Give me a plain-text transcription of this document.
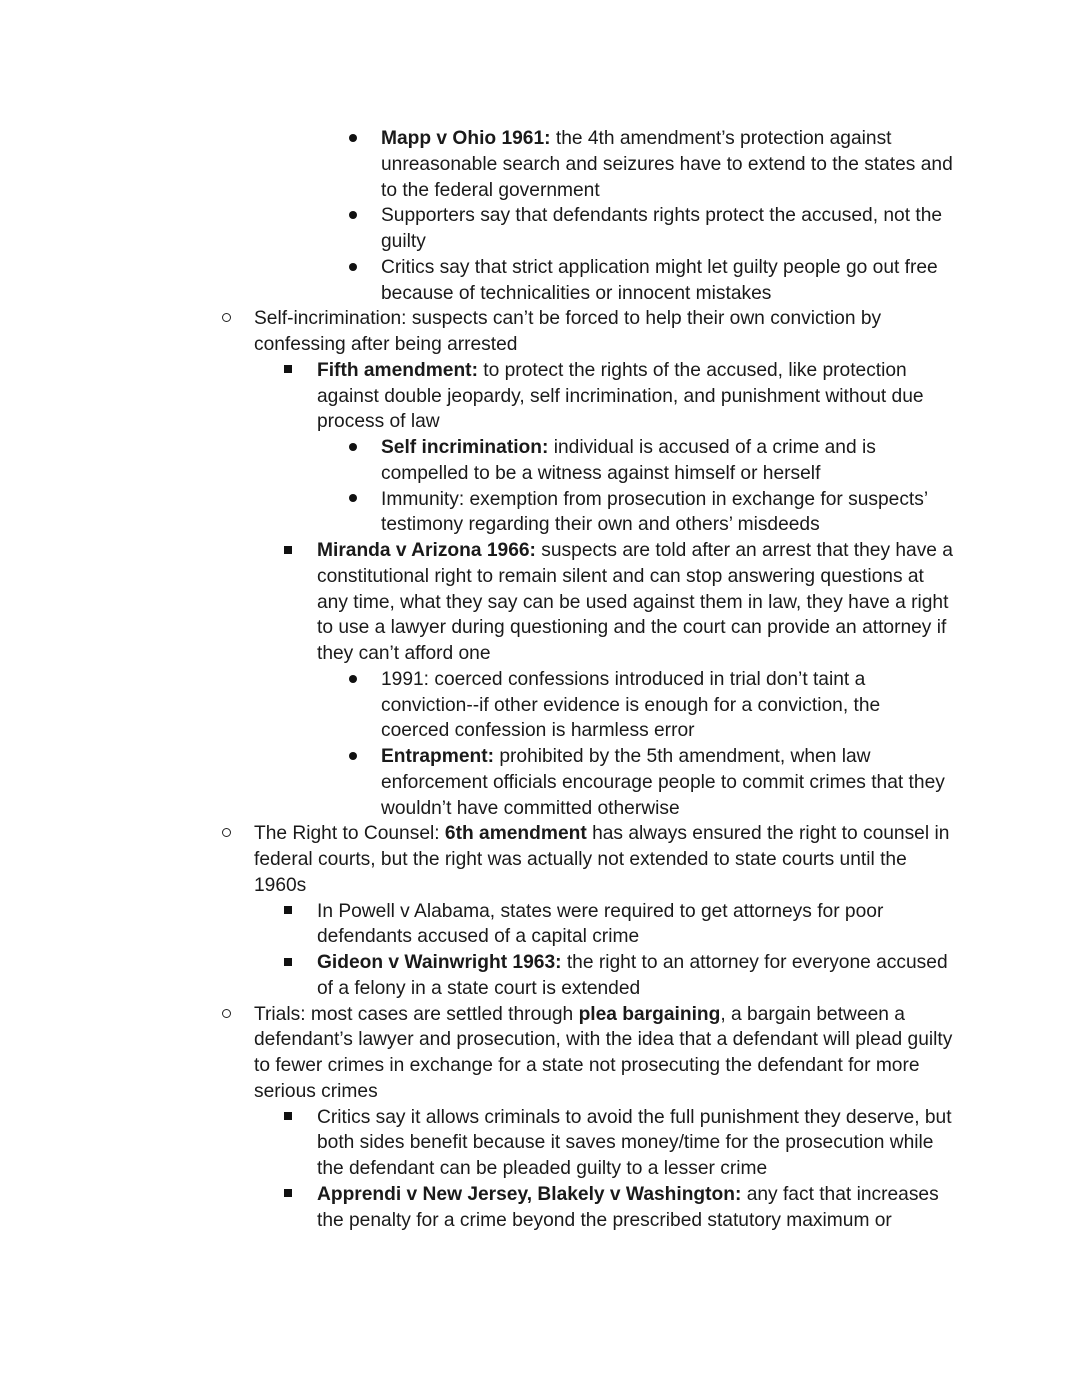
Mapp v Ohio 1961: the 4th amendment’s protection against unreasonable search and seizures have to extend to the states and to the federal government
Supporters say that defendants rights protect the accused, not the guilty
Critics say that strict application might let guilty people go out free because of technicalities or innocent mistakes
Self-incrimination: suspects can’t be forced to help their own conviction by confessing after being arrested
Fifth amendment: to protect the rights of the accused, like protection against double jeopardy, self incrimination, and punishment without due process of law
Self incrimination: individual is accused of a crime and is compelled to be a witness against himself or herself
Immunity: exemption from prosecution in exchange for suspects’ testimony regarding their own and others’ misdeeds
Miranda v Arizona 1966: suspects are told after an arrest that they have a constitutional right to remain silent and can stop answering questions at any time, what they say can be used against them in law, they have a right to use a lawyer during questioning and the court can provide an attorney if they can’t afford one
1991: coerced confessions introduced in trial don’t taint a conviction--if other evidence is enough for a conviction, the coerced confession is harmless error
Entrapment: prohibited by the 5th amendment, when law enforcement officials encourage people to commit crimes that they wouldn’t have committed otherwise
The Right to Counsel: 6th amendment has always ensured the right to counsel in federal courts, but the right was actually not extended to state courts until the 1960s
In Powell v Alabama, states were required to get attorneys for poor defendants accused of a capital crime
Gideon v Wainwright 1963: the right to an attorney for everyone accused of a felony in a state court is extended
Trials: most cases are settled through plea bargaining, a bargain between a defendant’s lawyer and prosecution, with the idea that a defendant will plead guilty to fewer crimes in exchange for a state not prosecuting the defendant for more serious crimes
Critics say it allows criminals to avoid the full punishment they deserve, but both sides benefit because it saves money/time for the prosecution while the defendant can be pleaded guilty to a lesser crime
Apprendi v New Jersey, Blakely v Washington: any fact that increases the penalty for a crime beyond the prescribed statutory maximum or
